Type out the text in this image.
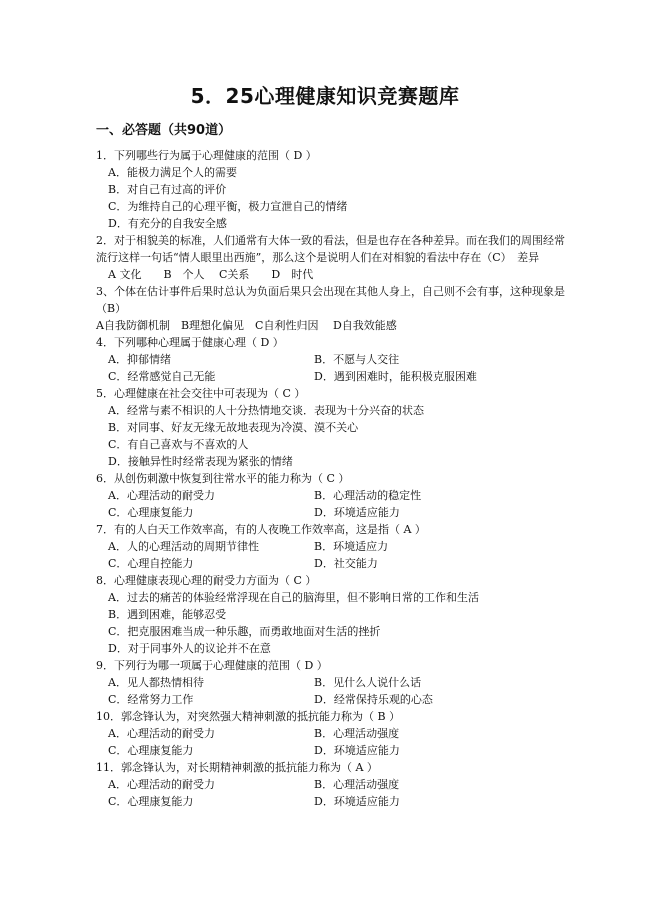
5．25心理健康知识竞赛题库
一、必答题（共90道）

1．下列哪些行为属于心理健康的范围（ D ）

A．能极力满足个人的需要

B．对自己有过高的评价

C．为维持自己的心理平衡，极力宣泄自己的情绪

D．有充分的自我安全感

2．对于相貌美的标准，人们通常有大体一致的看法，但是也存在各种差异。而在我们的周围经常流行这样一句话“情人眼里出西施”，那么这个是说明人们在对相貌的看法中存在（C）　差异

A 文化　　B　个人　 C关系　　D　时代

3、个体在估计事件后果时总认为负面后果只会出现在其他人身上，自己则不会有事，这种现象是（B）

A自我防御机制　B理想化偏见　C自利性归因　 D自我效能感

4．下列哪种心理属于健康心理（ D ）

A．抑郁情绪	B．不愿与人交往
C．经常感觉自己无能	D．遇到困难时，能积极克服困难

5．心理健康在社会交往中可表现为（ C ）

A．经常与素不相识的人十分热情地交谈．表现为十分兴奋的状态

B．对同事、好友无缘无故地表现为冷漠、漠不关心

C．有自己喜欢与不喜欢的人

D．接触异性时经常表现为紧张的情绪

6．从创伤刺激中恢复到往常水平的能力称为（ C ）

A．心理活动的耐受力	B．心理活动的稳定性
C．心理康复能力	D．环境适应能力

7．有的人白天工作效率高，有的人夜晚工作效率高，这是指（ A ）

A．人的心理活动的周期节律性	B．环境适应力
C．心理自控能力	D．社交能力

8．心理健康表现心理的耐受力方面为（ C ）

A．过去的痛苦的体验经常浮现在自己的脑海里，但不影响日常的工作和生活

B．遇到困难，能够忍受

C．把克服困难当成一种乐趣，而勇敢地面对生活的挫折

D．对于同事外人的议论并不在意

9．下列行为哪一项属于心理健康的范围（ D ）

A．见人都热情相待	B．见什么人说什么话
C．经常努力工作	D．经常保持乐观的心态

10．郭念锋认为，对突然强大精神刺激的抵抗能力称为（ B ）

A．心理活动的耐受力	B．心理活动强度
C．心理康复能力	D．环境适应能力

11．郭念锋认为，对长期精神刺激的抵抗能力称为（ A ）

A．心理活动的耐受力	B．心理活动强度
C．心理康复能力	D．环境适应能力
